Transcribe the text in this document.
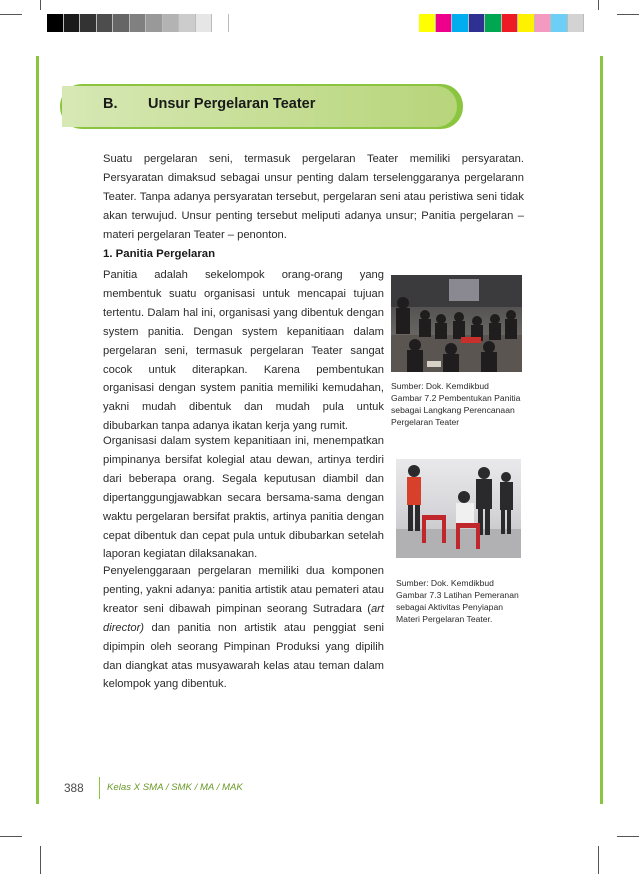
B. Unsur Pergelaran Teater

Suatu pergelaran seni, termasuk pergelaran Teater memiliki persyaratan. Persyaratan dimaksud sebagai unsur penting dalam terselenggaranya pergelarann Teater. Tanpa adanya persyaratan tersebut, pergelaran seni atau peristiwa seni tidak akan terwujud. Unsur penting tersebut meliputi adanya unsur; Panitia pergelaran – materi pergelaran Teater – penonton.

1. Panitia Pergelaran

Panitia adalah sekelompok orang-orang yang membentuk suatu organisasi untuk mencapai tujuan tertentu. Dalam hal ini, organisasi yang dibentuk dengan system panitia. Dengan system kepanitiaan dalam pergelaran seni, termasuk pergelaran Teater sangat cocok untuk diterapkan. Karena pembentukan organisasi dengan system panitia memiliki kemudahan, yakni mudah dibentuk dan mudah pula untuk dibubarkan tanpa adanya ikatan kerja yang rumit.

Organisasi dalam system kepanitiaan ini, menempatkan pimpinanya bersifat kolegial atau dewan, artinya terdiri dari beberapa orang. Segala keputusan diambil dan dipertanggungjawabkan secara bersama-sama dengan waktu pergelaran bersifat praktis, artinya panitia dengan cepat dibentuk dan cepat pula untuk dibubarkan setelah laporan kegiatan dilaksanakan.

Penyelenggaraan pergelaran memiliki dua komponen penting, yakni adanya: panitia artistik atau pemateri atau kreator seni dibawah pimpinan seorang Sutradara (art director) dan panitia non artistik atau penggiat seni dipimpin oleh seorang Pimpinan Produksi yang dipilih dan diangkat atas musyawarah kelas atau teman dalam kelompok yang dibentuk.

Sumber: Dok. Kemdikbud
Gambar 7.2 Pembentukan Panitia sebagai Langkang Perencanaan Pergelaran Teater
Sumber: Dok. Kemdikbud
Gambar 7.3 Latihan Pemeranan sebagai Aktivitas Penyiapan Materi Pergelaran Teater.
388 Kelas X SMA / SMK / MA / MAK
